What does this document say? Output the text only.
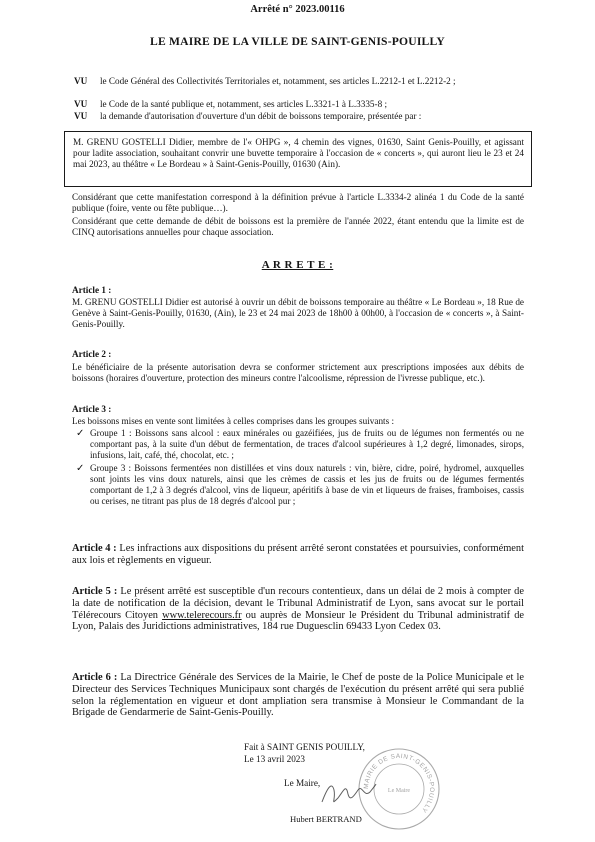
Arrêté n° 2023.00116
LE MAIRE DE LA VILLE DE SAINT-GENIS-POUILLY
VU le Code Général des Collectivités Territoriales et, notamment, ses articles L.2212-1 et L.2212-2 ;
VU le Code de la santé publique et, notamment, ses articles L.3321-1 à L.3335-8 ;
VU la demande d'autorisation d'ouverture d'un débit de boissons temporaire, présentée par :
M. GRENU GOSTELLI Didier, membre de l'« OHPG », 4 chemin des vignes, 01630, Saint Genis-Pouilly, et agissant pour ladite association, souhaitant convrir une buvette temporaire à l'occasion de « concerts », qui auront lieu le 23 et 24 mai 2023, au théâtre « Le Bordeau » à Saint-Genis-Pouilly, 01630 (Ain).
Considérant que cette manifestation correspond à la définition prévue à l'article L.3334-2 alinéa 1 du Code de la santé publique (foire, vente ou fête publique…).
Considérant que cette demande de débit de boissons est la première de l'année 2022, étant entendu que la limite est de CINQ autorisations annuelles pour chaque association.
A R R E T E :
Article 1 :
M. GRENU GOSTELLI Didier est autorisé à ouvrir un débit de boissons temporaire au théâtre « Le Bordeau », 18 Rue de Genève à Saint-Genis-Pouilly, 01630, (Ain), le 23 et 24 mai 2023 de 18h00 à 00h00, à l'occasion de « concerts », à Saint-Genis-Pouilly.
Article 2 :
Le bénéficiaire de la présente autorisation devra se conformer strictement aux prescriptions imposées aux débits de boissons (horaires d'ouverture, protection des mineurs contre l'alcoolisme, répression de l'ivresse publique, etc.).
Article 3 :
Les boissons mises en vente sont limitées à celles comprises dans les groupes suivants :
✓ Groupe 1 : Boissons sans alcool : eaux minérales ou gazéifiées, jus de fruits ou de légumes non fermentés ou ne comportant pas, à la suite d'un début de fermentation, de traces d'alcool supérieures à 1,2 degré, limonades, sirops, infusions, lait, café, thé, chocolat, etc. ;
✓ Groupe 3 : Boissons fermentées non distillées et vins doux naturels : vin, bière, cidre, poiré, hydromel, auxquelles sont joints les vins doux naturels, ainsi que les crèmes de cassis et les jus de fruits ou de légumes fermentés comportant de 1,2 à 3 degrés d'alcool, vins de liqueur, apéritifs à base de vin et liqueurs de fraises, framboises, cassis ou cerises, ne titrant pas plus de 18 degrés d'alcool pur ;
Article 4 : Les infractions aux dispositions du présent arrêté seront constatées et poursuivies, conformément aux lois et règlements en vigueur.
Article 5 : Le présent arrêté est susceptible d'un recours contentieux, dans un délai de 2 mois à compter de la date de notification de la décision, devant le Tribunal Administratif de Lyon, sans avocat sur le portail Télérecours Citoyen www.telerecours.fr ou auprès de Monsieur le Président du Tribunal administratif de Lyon, Palais des Juridictions administratives, 184 rue Duguesclin 69433 Lyon Cedex 03.
Article 6 : La Directrice Générale des Services de la Mairie, le Chef de poste de la Police Municipale et le Directeur des Services Techniques Municipaux sont chargés de l'exécution du présent arrêté qui sera publié selon la réglementation en vigueur et dont ampliation sera transmise à Monsieur le Commandant de la Brigade de Gendarmerie de Saint-Genis-Pouilly.
Fait à SAINT GENIS POUILLY,
Le 13 avril 2023
Le Maire,
Hubert BERTRAND
MAIRIE DE SAINT-GENIS-POUILLY
Le Maire
